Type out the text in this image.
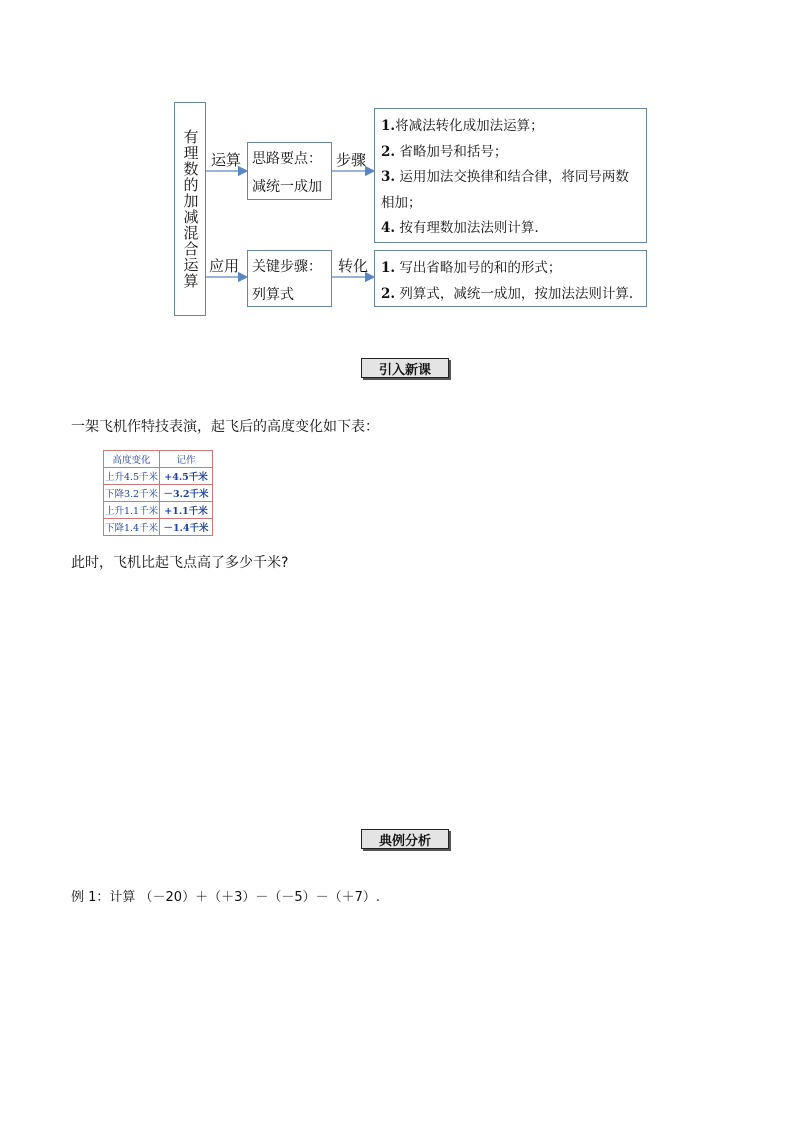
有理数的加减混合运算 运算
应用
步骤
转化
思路要点：
减统一成加
关键步骤：
列算式
1.将减法转化成加法运算；
2. 省略加号和括号；
3. 运用加法交换律和结合律，将同号两数
相加；
4. 按有理数加法法则计算.
1. 写出省略加号的和的形式；
2. 列算式，减统一成加，按加法法则计算.
引入新课
一架飞机作特技表演，起飞后的高度变化如下表：
高度变化	记作
上升4.5千米	+4.5千米
下降3.2千米	－3.2千米
上升1.1千米	+1.1千米
下降1.4千米	－1.4千米
此时，飞机比起飞点高了多少千米?
典例分析
例 1：计算 （－20）＋（＋3）－（－5）－（＋7）.
